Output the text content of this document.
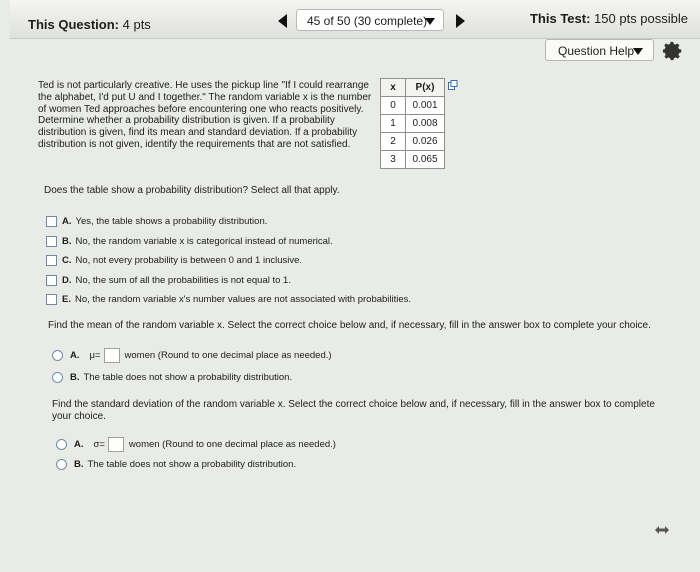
This Question: 4 pts	45 of 50 (30 complete)	This Test: 150 pts possible
Question Help
Ted is not particularly creative. He uses the pickup line "If I could rearrange the alphabet, I'd put U and I together." The random variable x is the number of women Ted approaches before encountering one who reacts positively. Determine whether a probability distribution is given. If a probability distribution is given, find its mean and standard deviation. If a probability distribution is not given, identify the requirements that are not satisfied.
x	P(x)
0	0.001
1	0.008
2	0.026
3	0.065
Does the table show a probability distribution? Select all that apply.
A. Yes, the table shows a probability distribution.
B. No, the random variable x is categorical instead of numerical.
C. No, not every probability is between 0 and 1 inclusive.
D. No, the sum of all the probabilities is not equal to 1.
E. No, the random variable x's number values are not associated with probabilities.
Find the mean of the random variable x. Select the correct choice below and, if necessary, fill in the answer box to complete your choice.
A. μ=	women (Round to one decimal place as needed.)
B. The table does not show a probability distribution.
Find the standard deviation of the random variable x. Select the correct choice below and, if necessary, fill in the answer box to complete your choice.
A. σ=	women (Round to one decimal place as needed.)
B. The table does not show a probability distribution.
